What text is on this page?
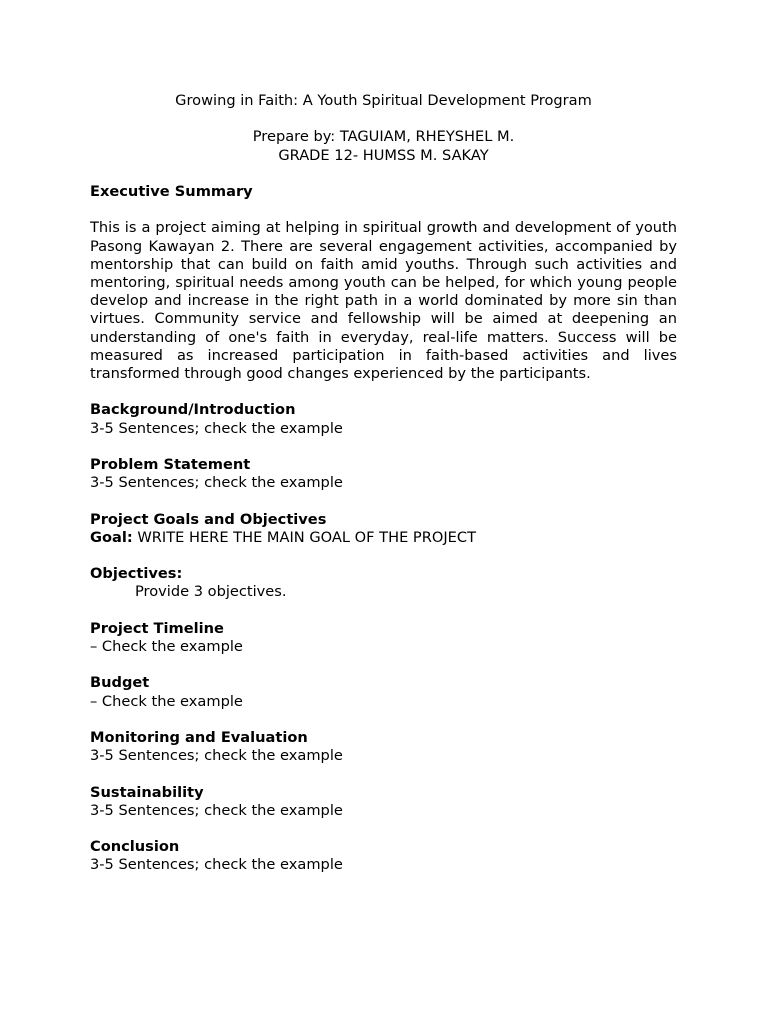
Growing in Faith: A Youth Spiritual Development Program

Prepare by: TAGUIAM, RHEYSHEL M.

GRADE 12- HUMSS M. SAKAY

Executive Summary

This is a project aiming at helping in spiritual growth and development of youth Pasong Kawayan 2. There are several engagement activities, accompanied by mentorship that can build on faith amid youths. Through such activities and mentoring, spiritual needs among youth can be helped, for which young people develop and increase in the right path in a world dominated by more sin than virtues. Community service and fellowship will be aimed at deepening an understanding of one's faith in everyday, real-life matters. Success will be measured as increased participation in faith-based activities and lives transformed through good changes experienced by the participants.

Background/Introduction

3-5 Sentences; check the example

Problem Statement

3-5 Sentences; check the example

Project Goals and Objectives

Goal: WRITE HERE THE MAIN GOAL OF THE PROJECT

Objectives:

Provide 3 objectives.

Project Timeline

– Check the example

Budget

– Check the example

Monitoring and Evaluation

3-5 Sentences; check the example

Sustainability

3-5 Sentences; check the example

Conclusion

3-5 Sentences; check the example
